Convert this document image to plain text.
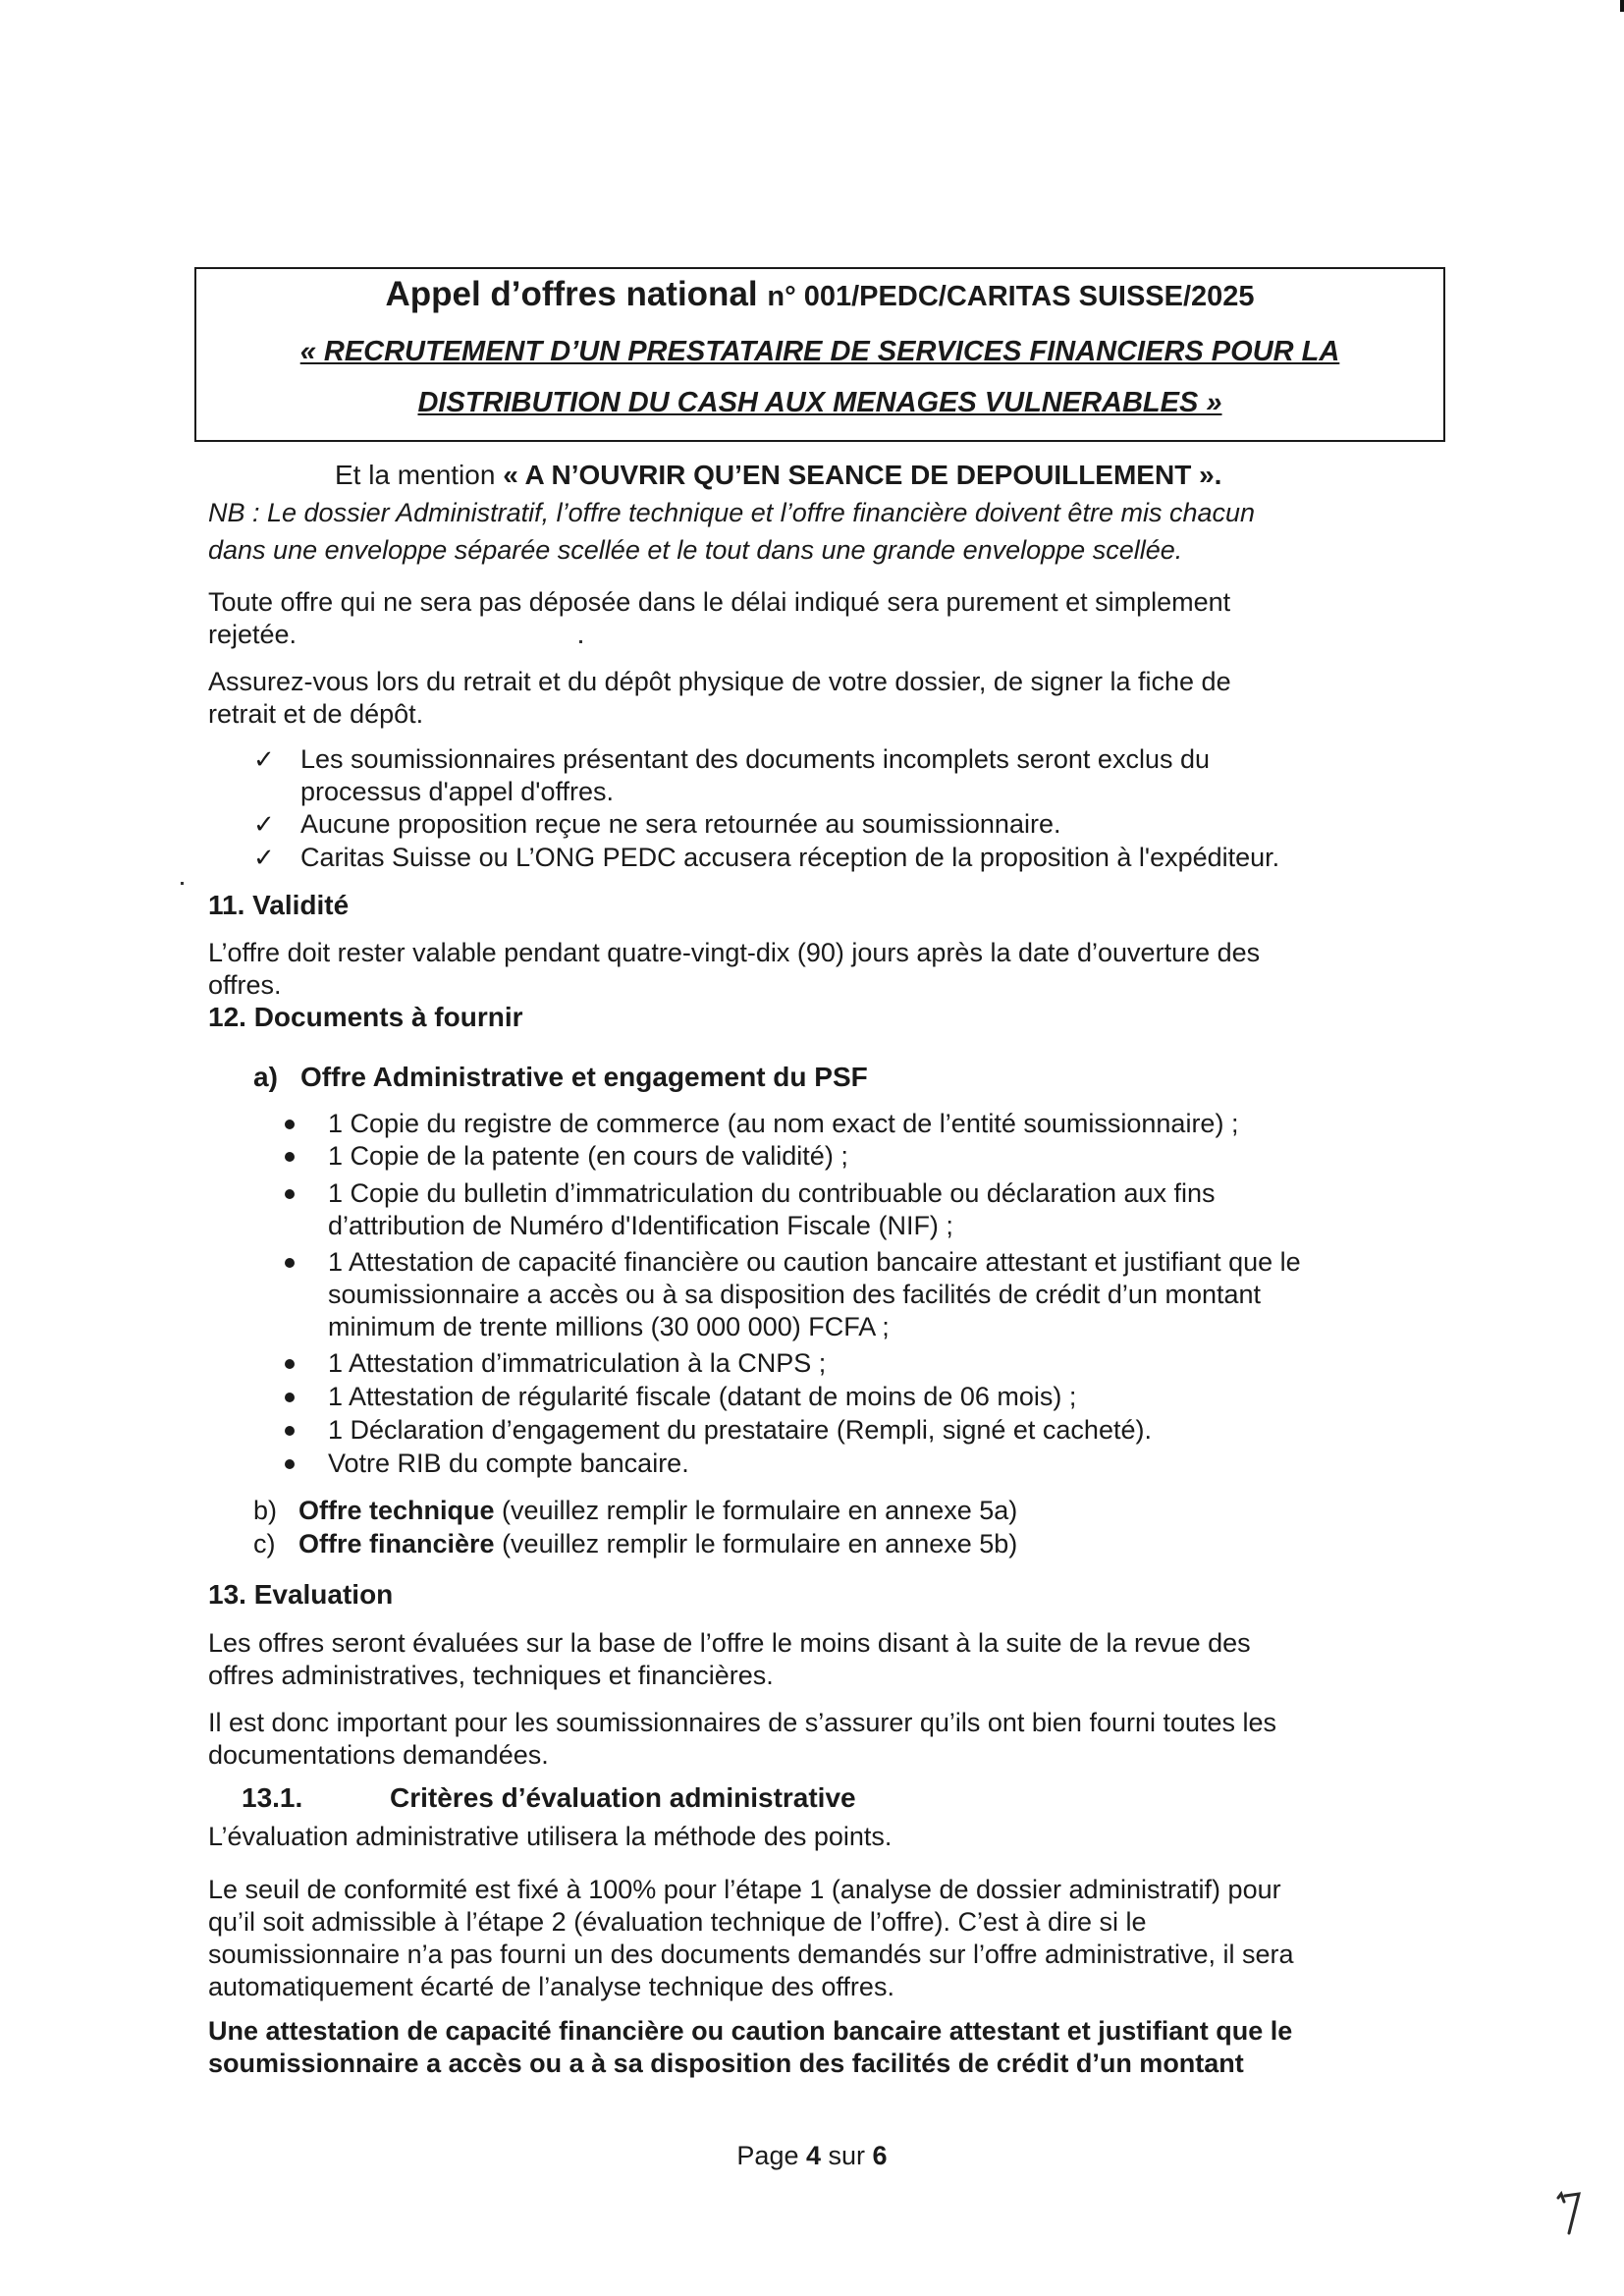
Appel d’offres national n° 001/PEDC/CARITAS SUISSE/2025
« RECRUTEMENT D’UN PRESTATAIRE DE SERVICES FINANCIERS POUR LA
DISTRIBUTION DU CASH AUX MENAGES VULNERABLES »
Et la mention « A N’OUVRIR QU’EN SEANCE DE DEPOUILLEMENT ».
NB : Le dossier Administratif, l’offre technique et l’offre financière doivent être mis chacun
dans une enveloppe séparée scellée et le tout dans une grande enveloppe scellée.
Toute offre qui ne sera pas déposée dans le délai indiqué sera purement et simplement
rejetée.
Assurez-vous lors du retrait et du dépôt physique de votre dossier, de signer la fiche de
retrait et de dépôt.
✓ Les soumissionnaires présentant des documents incomplets seront exclus du
processus d'appel d'offres.
✓ Aucune proposition reçue ne sera retournée au soumissionnaire.
✓ Caritas Suisse ou L’ONG PEDC accusera réception de la proposition à l'expéditeur.
11. Validité
L’offre doit rester valable pendant quatre-vingt-dix (90) jours après la date d’ouverture des
offres.
12. Documents à fournir
a) Offre Administrative et engagement du PSF
1 Copie du registre de commerce (au nom exact de l’entité soumissionnaire) ;
1 Copie de la patente (en cours de validité) ;
1 Copie du bulletin d’immatriculation du contribuable ou déclaration aux fins
d’attribution de Numéro d'Identification Fiscale (NIF) ;
1 Attestation de capacité financière ou caution bancaire attestant et justifiant que le
soumissionnaire a accès ou à sa disposition des facilités de crédit d’un montant
minimum de trente millions (30 000 000) FCFA ;
1 Attestation d’immatriculation à la CNPS ;
1 Attestation de régularité fiscale (datant de moins de 06 mois) ;
1 Déclaration d’engagement du prestataire (Rempli, signé et cacheté).
Votre RIB du compte bancaire.
b) Offre technique (veuillez remplir le formulaire en annexe 5a)
c) Offre financière (veuillez remplir le formulaire en annexe 5b)
13. Evaluation
Les offres seront évaluées sur la base de l’offre le moins disant à la suite de la revue des
offres administratives, techniques et financières.
Il est donc important pour les soumissionnaires de s’assurer qu’ils ont bien fourni toutes les
documentations demandées.
13.1.	Critères d’évaluation administrative
L’évaluation administrative utilisera la méthode des points.
Le seuil de conformité est fixé à 100% pour l’étape 1 (analyse de dossier administratif) pour
qu’il soit admissible à l’étape 2 (évaluation technique de l’offre). C’est à dire si le
soumissionnaire n’a pas fourni un des documents demandés sur l’offre administrative, il sera
automatiquement écarté de l’analyse technique des offres.
Une attestation de capacité financière ou caution bancaire attestant et justifiant que le
soumissionnaire a accès ou a à sa disposition des facilités de crédit d’un montant
Page 4 sur 6
